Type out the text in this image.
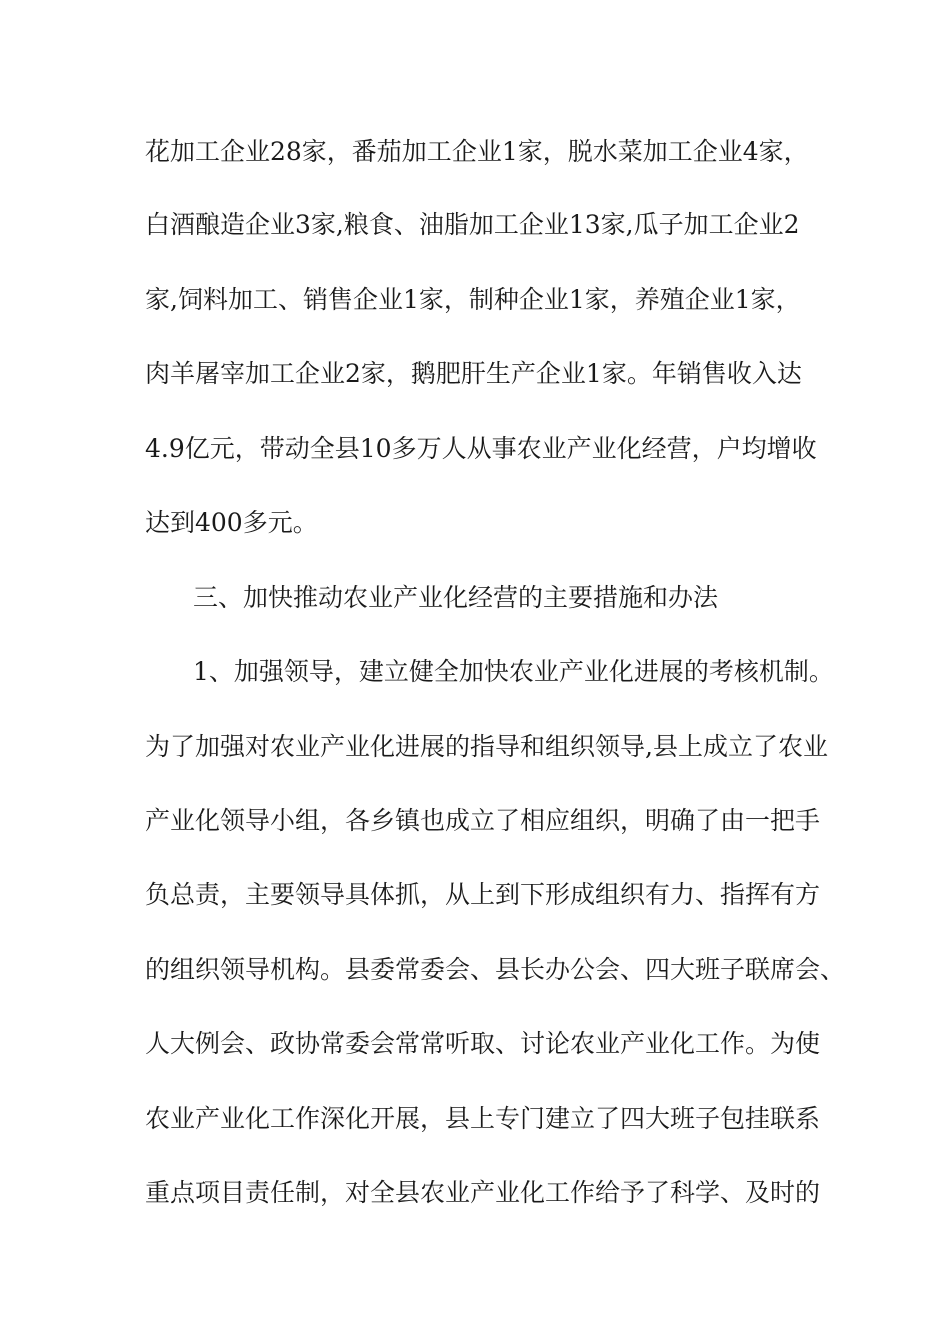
花加工企业28家，番茄加工企业1家，脱水菜加工企业4家，
白酒酿造企业3家,粮食、油脂加工企业13家,瓜子加工企业2
家,饲料加工、销售企业1家，制种企业1家，养殖企业1家，
肉羊屠宰加工企业2家，鹅肥肝生产企业1家。年销售收入达
4.9亿元，带动全县10多万人从事农业产业化经营，户均增收
达到400多元。
三、加快推动农业产业化经营的主要措施和办法
1、加强领导，建立健全加快农业产业化进展的考核机制。
为了加强对农业产业化进展的指导和组织领导,县上成立了农业
产业化领导小组，各乡镇也成立了相应组织，明确了由一把手
负总责，主要领导具体抓，从上到下形成组织有力、指挥有方
的组织领导机构。县委常委会、县长办公会、四大班子联席会、
人大例会、政协常委会常常听取、讨论农业产业化工作。为使
农业产业化工作深化开展，县上专门建立了四大班子包挂联系
重点项目责任制，对全县农业产业化工作给予了科学、及时的
